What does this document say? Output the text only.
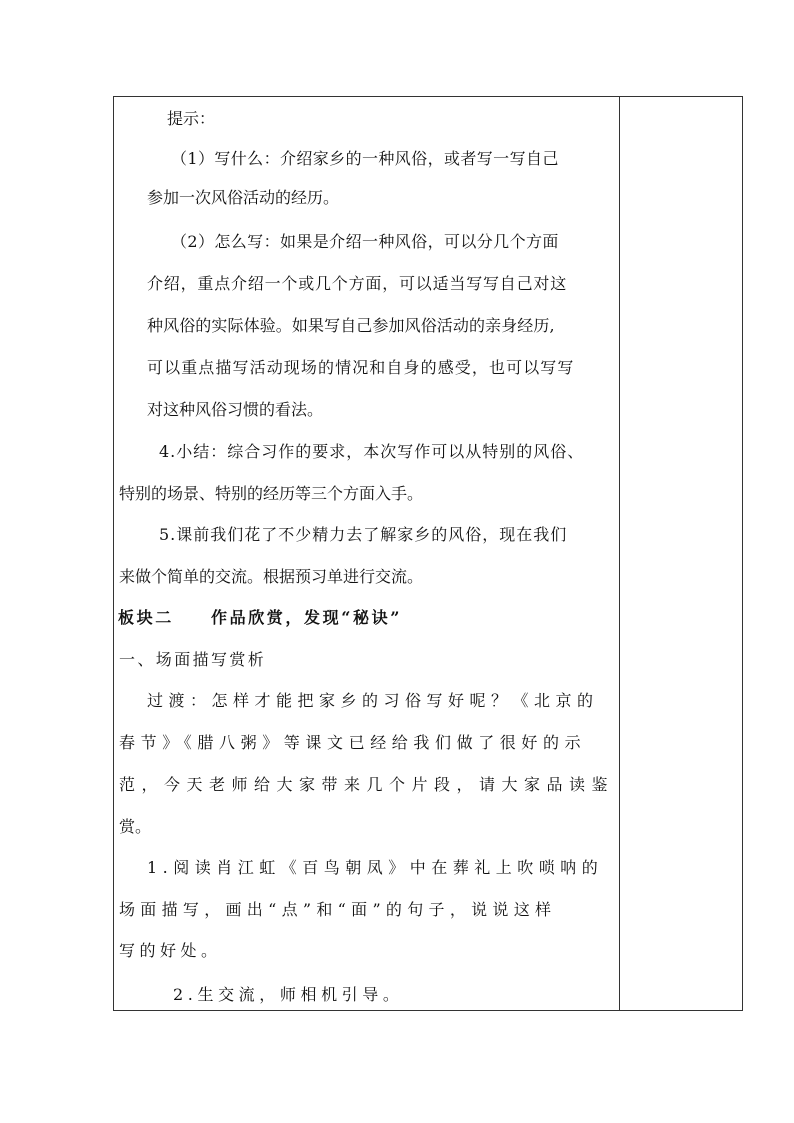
提示：
（1）写什么：介绍家乡的一种风俗，或者写一写自己
参加一次风俗活动的经历。
（2）怎么写：如果是介绍一种风俗，可以分几个方面
介绍，重点介绍一个或几个方面，可以适当写写自己对这
种风俗的实际体验。如果写自己参加风俗活动的亲身经历,
可以重点描写活动现场的情况和自身的感受，也可以写写
对这种风俗习惯的看法。
4.小结：综合习作的要求，本次写作可以从特别的风俗、
特别的场景、特别的经历等三个方面入手。
5.课前我们花了不少精力去了解家乡的风俗，现在我们
来做个简单的交流。根据预习单进行交流。
板块二　　作品欣赏，发现“秘诀”
一、场面描写赏析
过渡：怎样才能把家乡的习俗写好呢？《北京的
春节》《腊八粥》等课文已经给我们做了很好的示
范，今天老师给大家带来几个片段，请大家品读鉴
赏。
1.阅读肖江虹《百鸟朝凤》中在葬礼上吹唢呐的
场面描写，画出“点”和“面”的句子，说说这样
写的好处。
2.生交流，师相机引导。
